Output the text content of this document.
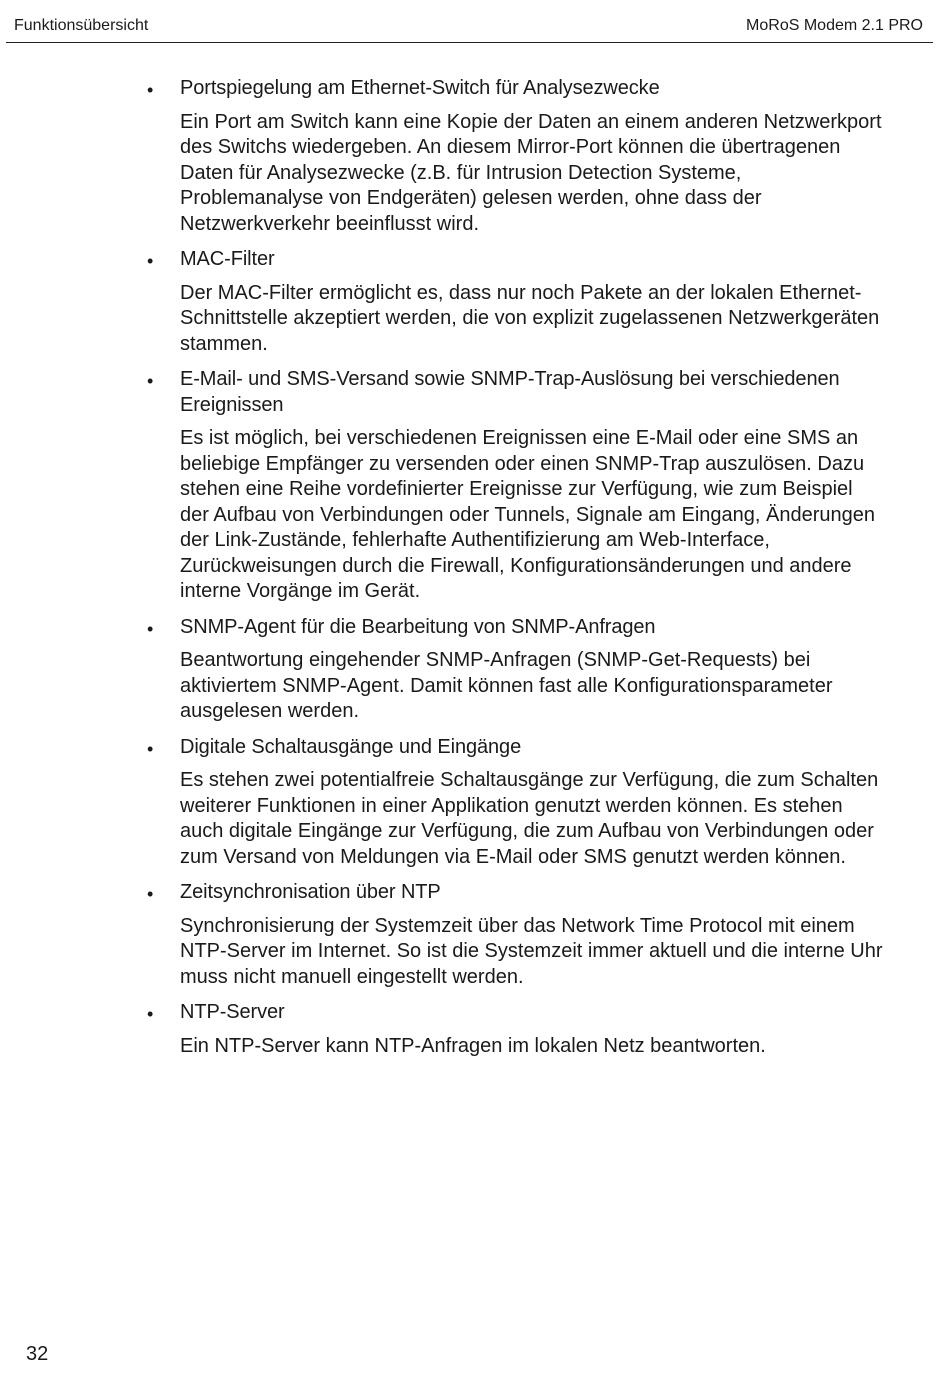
Funktionsübersicht	MoRoS Modem 2.1 PRO
• Portspiegelung am Ethernet-Switch für Analysezwecke

Ein Port am Switch kann eine Kopie der Daten an einem anderen Netzwerkport des Switchs wiedergeben. An diesem Mirror-Port können die übertragenen Daten für Analysezwecke (z.B. für Intrusion Detection Systeme, Problemanalyse von Endgeräten) gelesen werden, ohne dass der Netzwerkverkehr beeinflusst wird.

• MAC-Filter

Der MAC-Filter ermöglicht es, dass nur noch Pakete an der lokalen Ethernet-Schnittstelle akzeptiert werden, die von explizit zugelassenen Netzwerkgeräten stammen.

• E-Mail- und SMS-Versand sowie SNMP-Trap-Auslösung bei verschiedenen Ereignissen

Es ist möglich, bei verschiedenen Ereignissen eine E-Mail oder eine SMS an beliebige Empfänger zu versenden oder einen SNMP-Trap auszulösen. Dazu stehen eine Reihe vordefinierter Ereignisse zur Verfügung, wie zum Beispiel der Aufbau von Verbindungen oder Tunnels, Signale am Eingang, Änderungen der Link-Zustände, fehlerhafte Authentifizierung am Web-Interface, Zurückweisungen durch die Firewall, Konfigurationsänderungen und andere interne Vorgänge im Gerät.

• SNMP-Agent für die Bearbeitung von SNMP-Anfragen

Beantwortung eingehender SNMP-Anfragen (SNMP-Get-Requests) bei aktiviertem SNMP-Agent. Damit können fast alle Konfigurationsparameter ausgelesen werden.

• Digitale Schaltausgänge und Eingänge

Es stehen zwei potentialfreie Schaltausgänge zur Verfügung, die zum Schalten weiterer Funktionen in einer Applikation genutzt werden können. Es stehen auch digitale Eingänge zur Verfügung, die zum Aufbau von Verbindungen oder zum Versand von Meldungen via E-Mail oder SMS genutzt werden können.

• Zeitsynchronisation über NTP

Synchronisierung der Systemzeit über das Network Time Protocol mit einem NTP-Server im Internet. So ist die Systemzeit immer aktuell und die interne Uhr muss nicht manuell eingestellt werden.

• NTP-Server

Ein NTP-Server kann NTP-Anfragen im lokalen Netz beantworten.

32
